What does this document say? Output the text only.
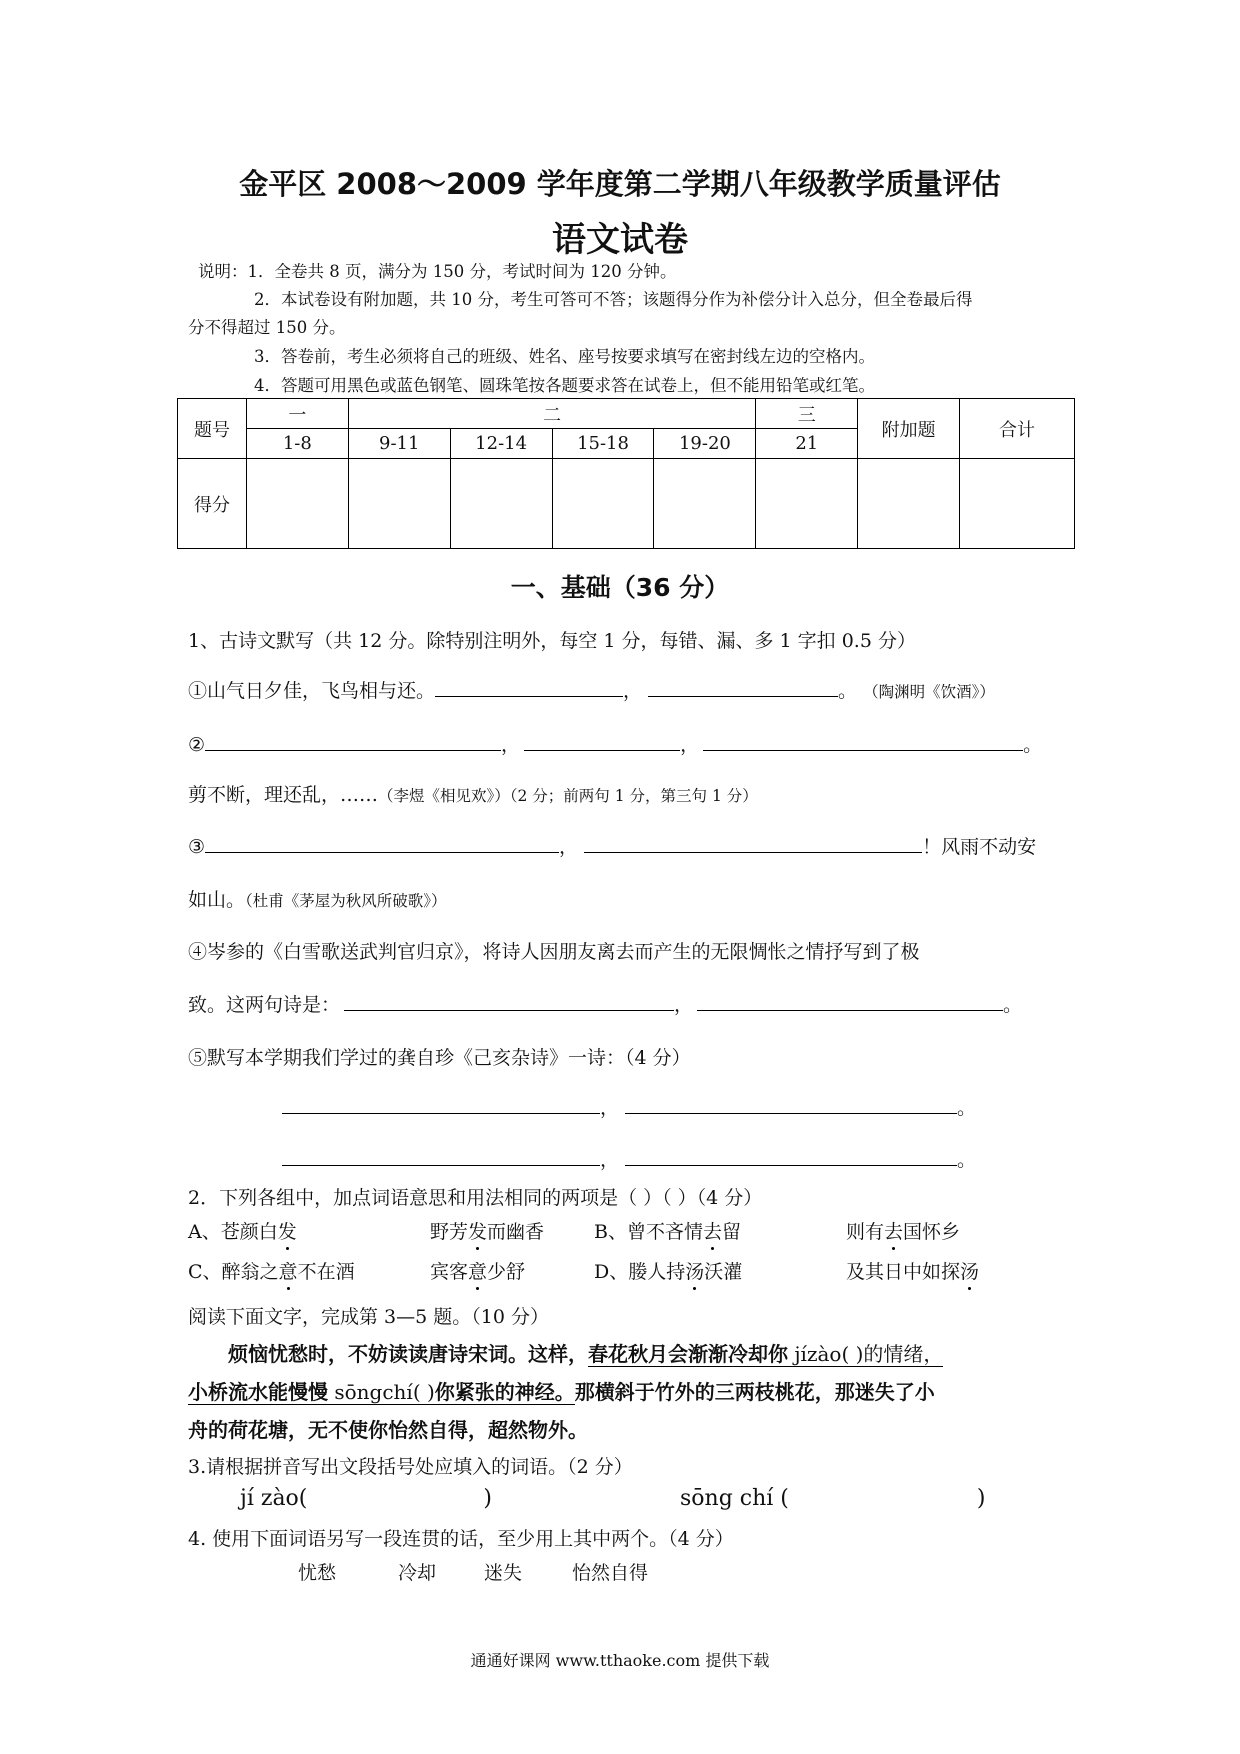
金平区 2008～2009 学年度第二学期八年级教学质量评估
语文试卷
说明：1．全卷共 8 页，满分为 150 分，考试时间为 120 分钟。
2．本试卷设有附加题，共 10 分，考生可答可不答；该题得分作为补偿分计入总分，但全卷最后得
分不得超过 150 分。
3．答卷前，考生必须将自己的班级、姓名、座号按要求填写在密封线左边的空格内。
4．答题可用黑色或蓝色钢笔、圆珠笔按各题要求答在试卷上，但不能用铅笔或红笔。
题号	一	二				三	附加题	合计
	1-8	9-11	12-14	15-18	19-20	21		
得分								
一、基础（36 分）
1、古诗文默写（共 12 分。除特别注明外，每空 1 分，每错、漏、多 1 字扣 0.5 分）
①山气日夕佳，飞鸟相与还。	，	。 （陶渊明《饮酒》）
②	，	，	。
剪不断，理还乱，……（李煜《相见欢》）（2 分；前两句 1 分，第三句 1 分）
③	，	！风雨不动安
如山。（杜甫《茅屋为秋风所破歌》）
④岑参的《白雪歌送武判官归京》，将诗人因朋友离去而产生的无限惆怅之情抒写到了极
致。这两句诗是：	，	。
⑤默写本学期我们学过的龚自珍《己亥杂诗》一诗：（4 分）
，	。
，	。
2．下列各组中，加点词语意思和用法相同的两项是（ ）（ ）（4 分）
A、苍颜白发	野芳发而幽香	B、曾不吝情去留	则有去国怀乡
C、醉翁之意不在酒	宾客意少舒	D、媵人持汤沃灌	及其日中如探汤
阅读下面文字，完成第 3—5 题。（10 分）
烦恼忧愁时，不妨读读唐诗宋词。这样，春花秋月会渐渐冷却你 jízào( )的情绪，
小桥流水能慢慢 sōngchí( )你紧张的神经。那横斜于竹外的三两枝桃花，那迷失了小
舟的荷花塘，无不使你怡然自得，超然物外。
3.请根据拼音写出文段括号处应填入的词语。（2 分）
jí zào(	)	sōng chí (	)
4. 使用下面词语另写一段连贯的话，至少用上其中两个。（4 分）
忧愁	冷却	迷失	怡然自得
通通好课网 www.tthaoke.com 提供下载
